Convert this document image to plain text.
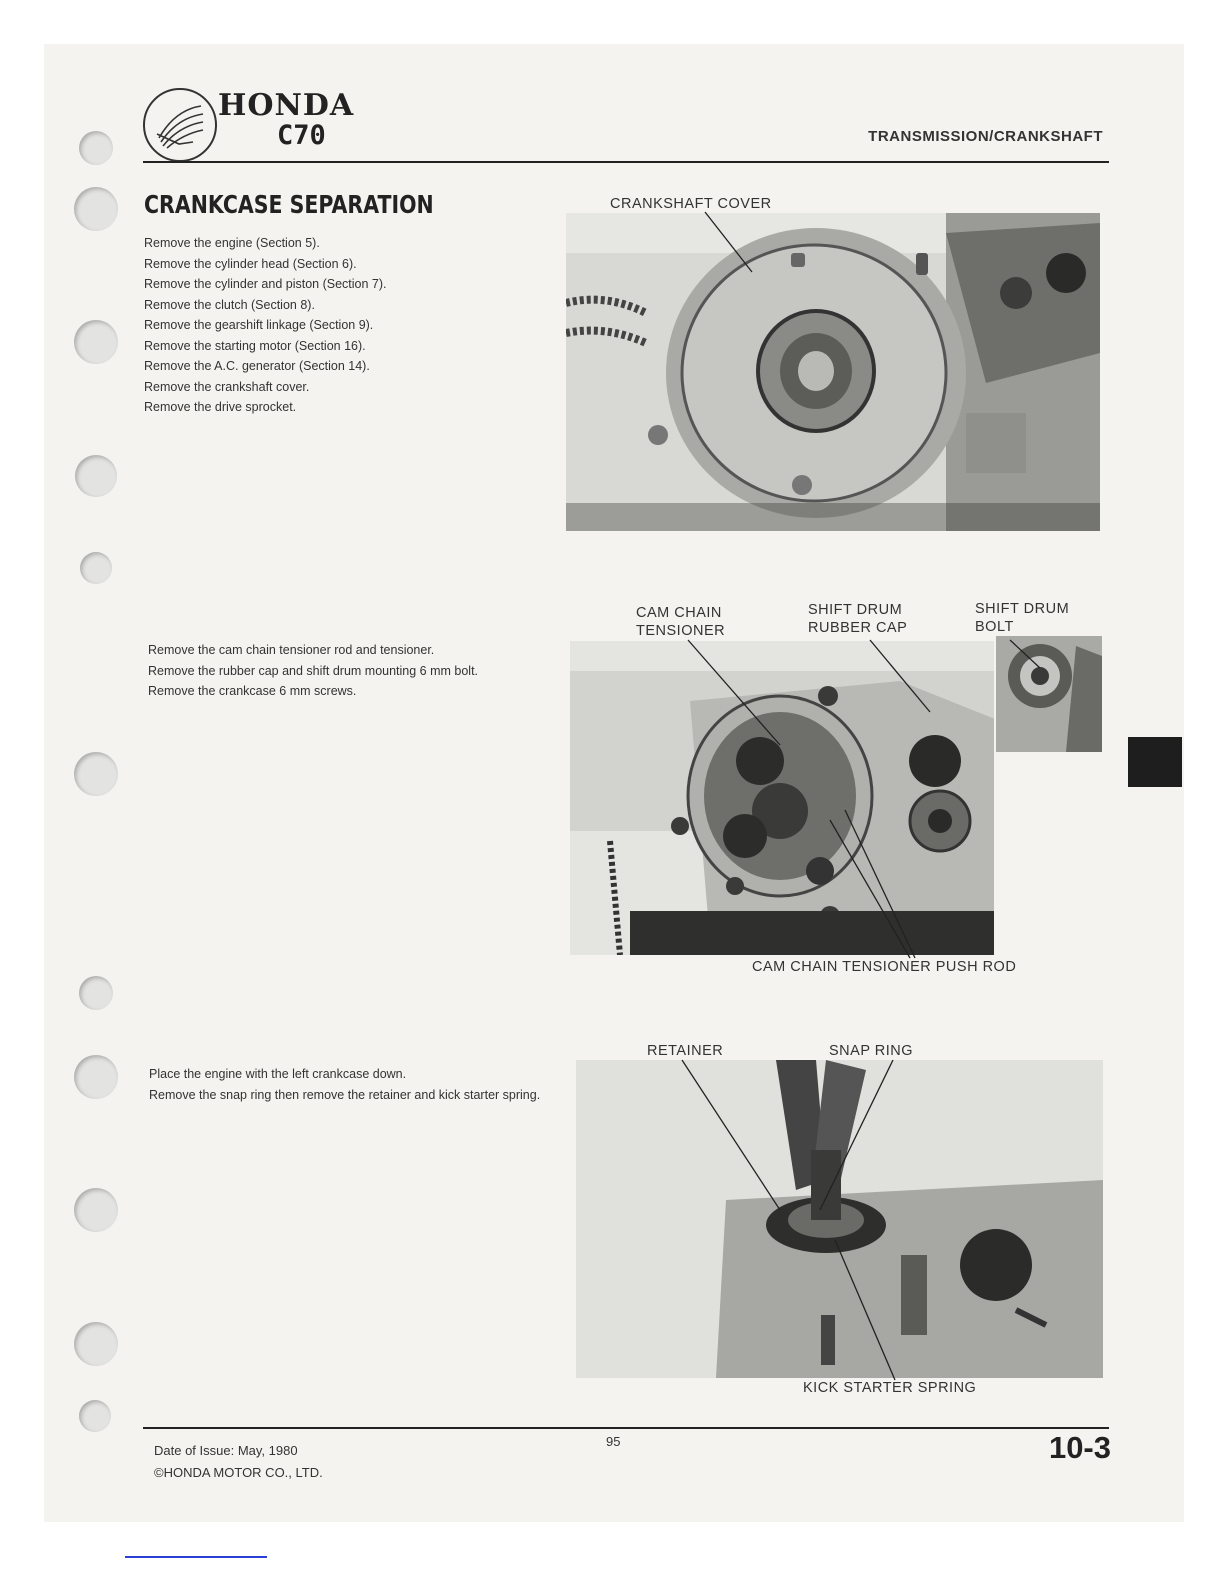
HONDA
C70	TRANSMISSION/CRANKSHAFT
CRANKCASE SEPARATION
Remove the engine (Section 5).
Remove the cylinder head (Section 6).
Remove the cylinder and piston (Section 7).
Remove the clutch (Section 8).
Remove the gearshift linkage (Section 9).
Remove the starting motor (Section 16).
Remove the A.C. generator (Section 14).
Remove the crankshaft cover.
Remove the drive sprocket.
Remove the cam chain tensioner rod and tensioner.
Remove the rubber cap and shift drum mounting 6 mm bolt.
Remove the crankcase 6 mm screws.
Place the engine with the left crankcase down.
Remove the snap ring then remove the retainer and kick starter spring.
CRANKSHAFT COVER
CAM CHAIN
TENSIONER
SHIFT DRUM
RUBBER CAP
SHIFT DRUM
BOLT
CAM CHAIN TENSIONER PUSH ROD
RETAINER	SNAP RING
KICK STARTER SPRING
Date of Issue: May, 1980
©HONDA MOTOR CO., LTD.
95	10-3
